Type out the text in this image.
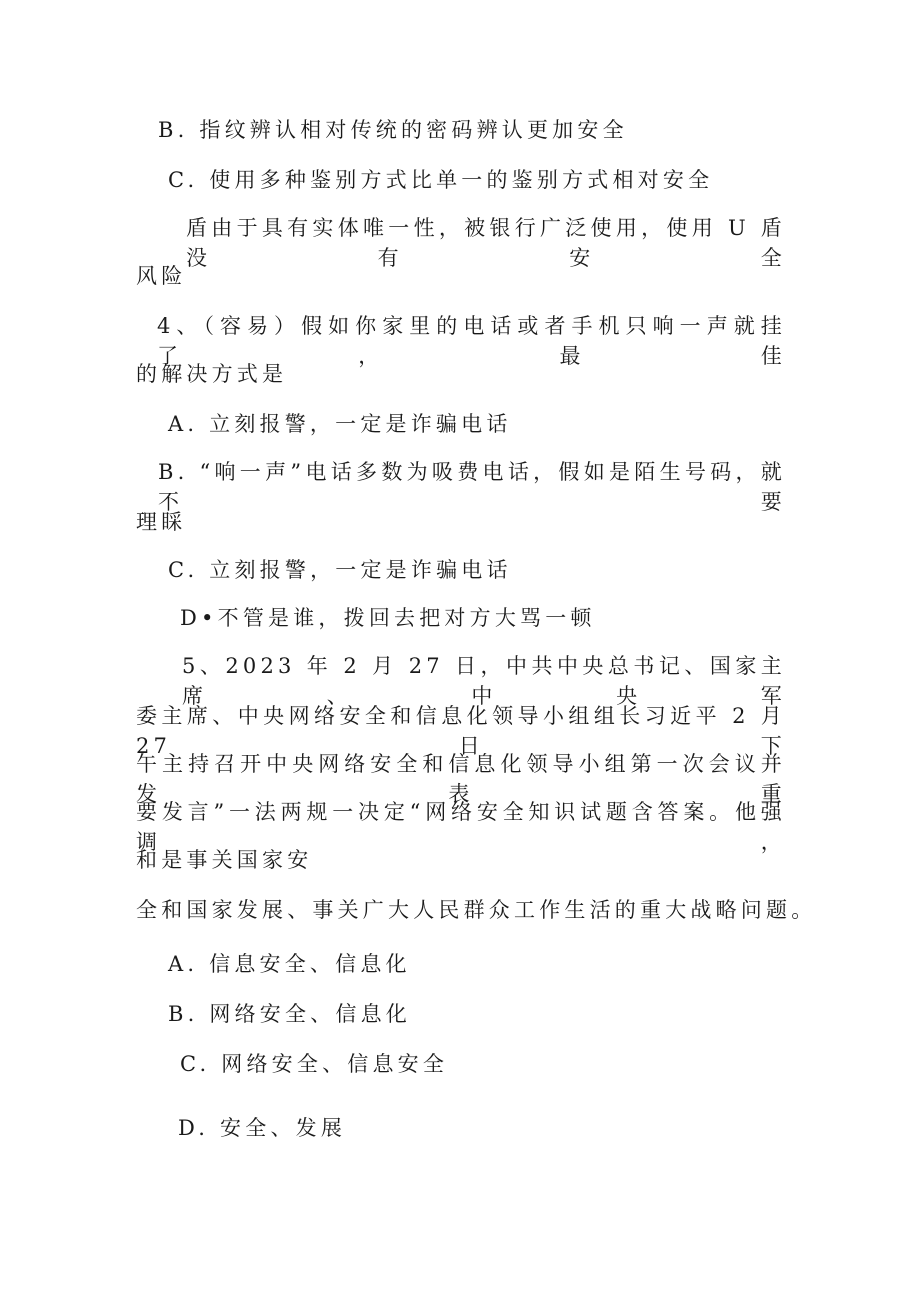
B. 指纹辨认相对传统的密码辨认更加安全
C. 使用多种鉴别方式比单一的鉴别方式相对安全
盾由于具有实体唯一性，被银行广泛使用，使用 U 盾没有安全
风险
4、（容易）假如你家里的电话或者手机只响一声就挂了，最佳
的解决方式是
A. 立刻报警，一定是诈骗电话
B. “响一声”电话多数为吸费电话，假如是陌生号码，就不要
理睬
C. 立刻报警，一定是诈骗电话
D•不管是谁，拨回去把对方大骂一顿
5、2023 年 2 月 27 日，中共中央总书记、国家主席、中央军
委主席、中央网络安全和信息化领导小组组长习近平 2 月 27 日下
午主持召开中央网络安全和信息化领导小组第一次会议并发表重
要发言”一法两规一决定“网络安全知识试题含答案。他强调，
和是事关国家安
全和国家发展、事关广大人民群众工作生活的重大战略问题。
A. 信息安全、信息化
B. 网络安全、信息化
C. 网络安全、信息安全
D. 安全、发展
